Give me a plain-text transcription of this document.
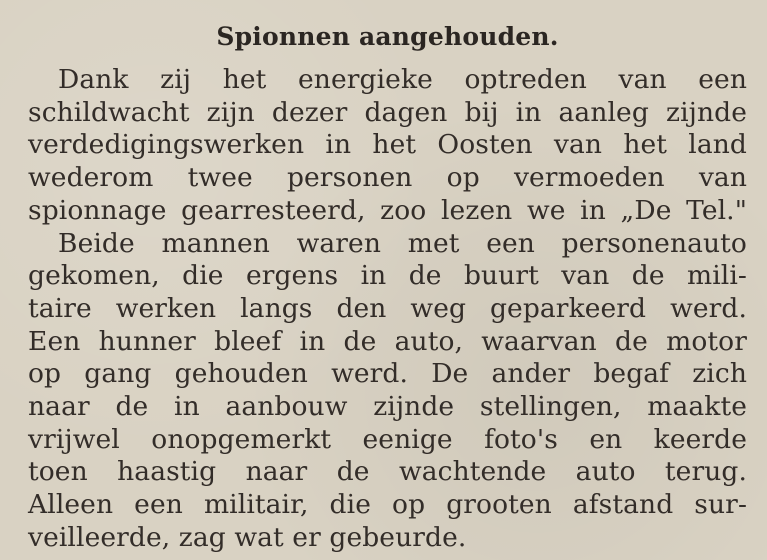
Spionnen aangehouden.
Dank zij het energieke optreden van een
schildwacht zijn dezer dagen bij in aanleg zijnde
verdedigingswerken in het Oosten van het land
wederom twee personen op vermoeden van
spionnage gearresteerd, zoo lezen we in „De Tel."
Beide mannen waren met een personenauto
gekomen, die ergens in de buurt van de mili-
taire werken langs den weg geparkeerd werd.
Een hunner bleef in de auto, waarvan de motor
op gang gehouden werd. De ander begaf zich
naar de in aanbouw zijnde stellingen, maakte
vrijwel onopgemerkt eenige foto's en keerde
toen haastig naar de wachtende auto terug.
Alleen een militair, die op grooten afstand sur-
veilleerde, zag wat er gebeurde.
